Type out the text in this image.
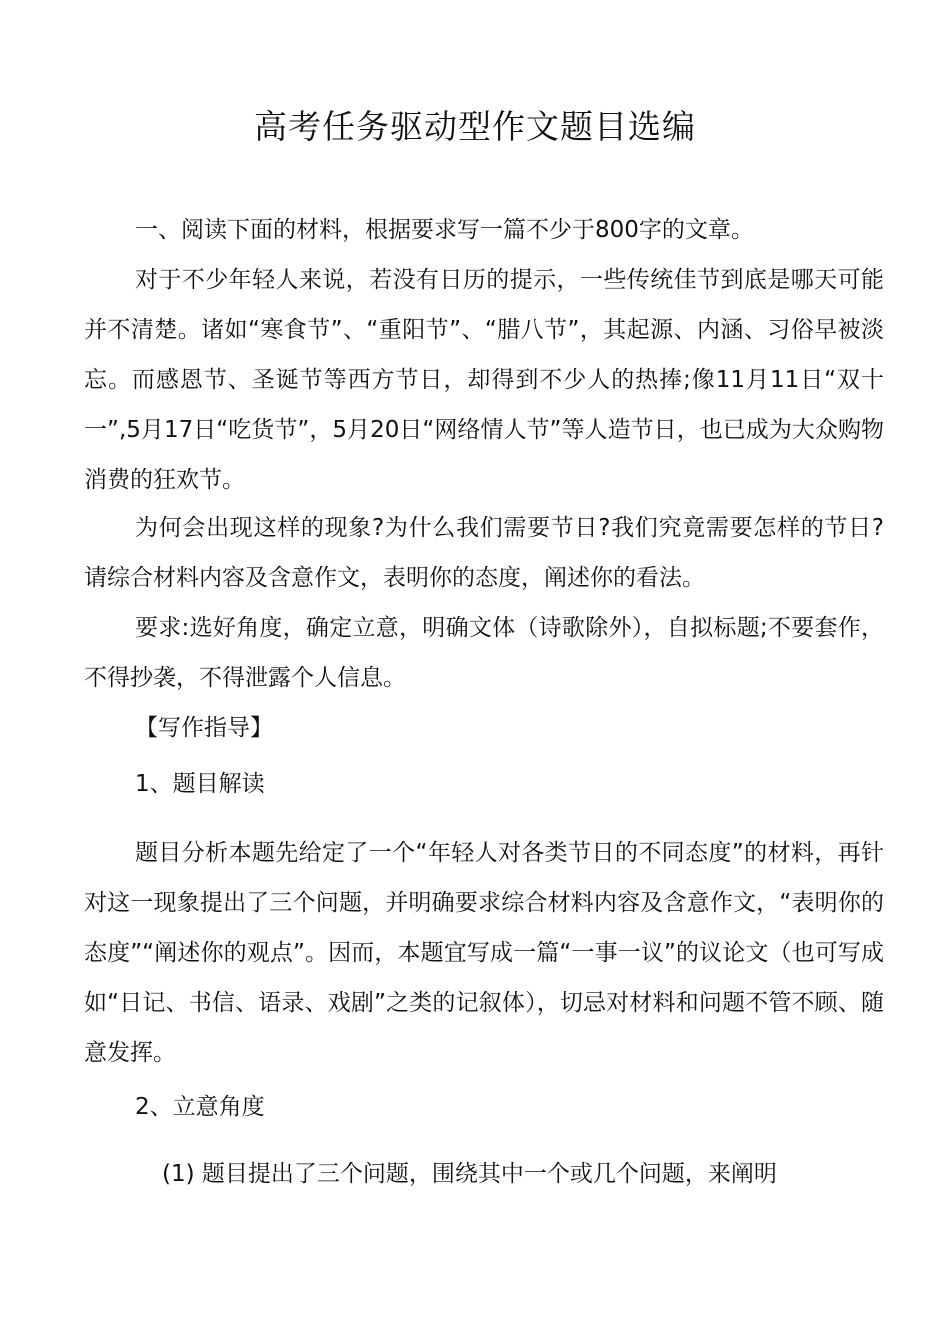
高考任务驱动型作文题目选编

一、阅读下面的材料，根据要求写一篇不少于800字的文章。

对于不少年轻人来说，若没有日历的提示，一些传统佳节到底是哪天可能并不清楚。诸如“寒食节”、“重阳节”、“腊八节”，其起源、内涵、习俗早被淡忘。而感恩节、圣诞节等西方节日，却得到不少人的热捧;像11月11日“双十一”,5月17日“吃货节”，5月20日“网络情人节”等人造节日，也已成为大众购物消费的狂欢节。

为何会出现这样的现象?为什么我们需要节日?我们究竟需要怎样的节日?请综合材料内容及含意作文，表明你的态度，阐述你的看法。

要求:选好角度，确定立意，明确文体（诗歌除外），自拟标题;不要套作，不得抄袭，不得泄露个人信息。

【写作指导】

1、题目解读

题目分析本题先给定了一个“年轻人对各类节日的不同态度”的材料，再针对这一现象提出了三个问题，并明确要求综合材料内容及含意作文，“表明你的态度”“阐述你的观点”。因而，本题宜写成一篇“一事一议”的议论文（也可写成如“日记、书信、语录、戏剧”之类的记叙体），切忌对材料和问题不管不顾、随意发挥。

2、立意角度

(1) 题目提出了三个问题，围绕其中一个或几个问题，来阐明
